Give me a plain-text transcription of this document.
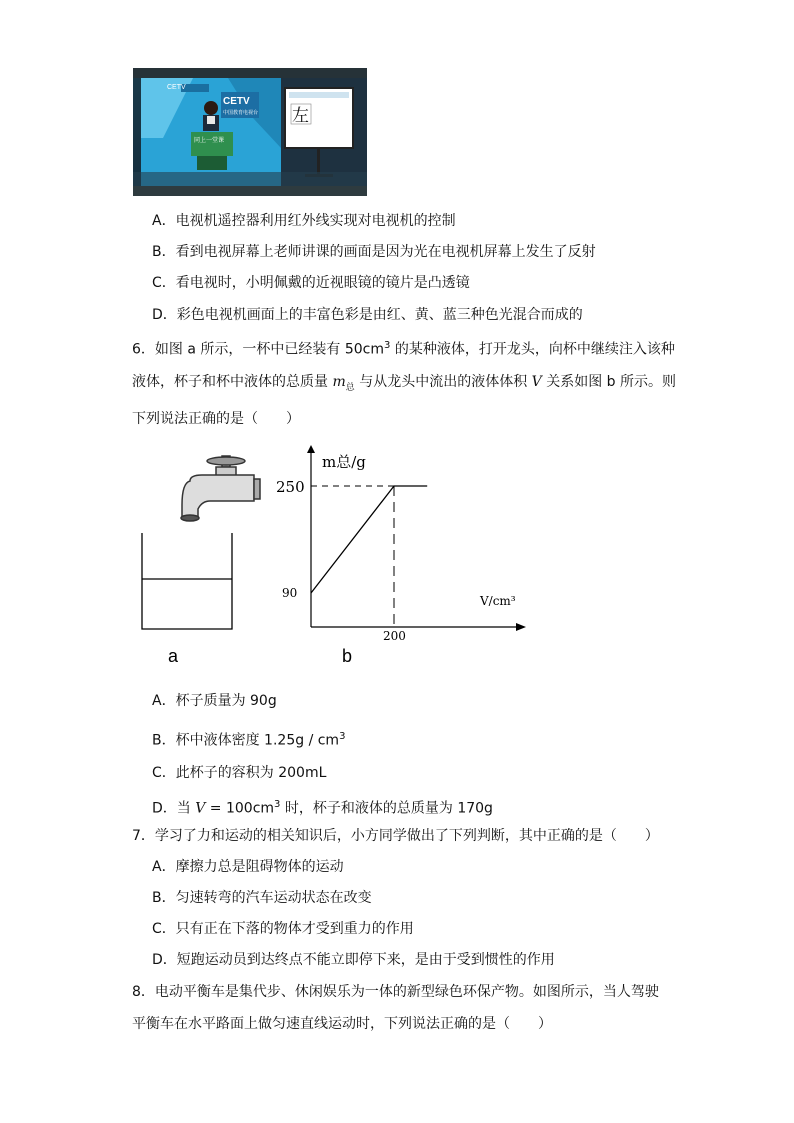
CETV
CETV
中国教育电视台
同上一堂课
左
A．电视机遥控器利用红外线实现对电视机的控制
B．看到电视屏幕上老师讲课的画面是因为光在电视机屏幕上发生了反射
C．看电视时，小明佩戴的近视眼镜的镜片是凸透镜
D．彩色电视机画面上的丰富色彩是由红、黄、蓝三种色光混合而成的
6．如图 a 所示，一杯中已经装有 $50cm^3$ 的某种液体，打开龙头，向杯中继续注入该种
液体，杯子和杯中液体的总质量 $m_总$ 与从龙头中流出的液体体积 V 关系如图 b 所示。则
下列说法正确的是（　　）
a
m总/g
V/cm³
250
90
200
b
A．杯子质量为 90g
B．杯中液体密度 $1.25g / cm^3$
C．此杯子的容积为 200mL
D．当 $V = 100cm^3$ 时，杯子和液体的总质量为 170g
7．学习了力和运动的相关知识后，小方同学做出了下列判断，其中正确的是（　　）
A．摩擦力总是阻碍物体的运动
B．匀速转弯的汽车运动状态在改变
C．只有正在下落的物体才受到重力的作用
D．短跑运动员到达终点不能立即停下来，是由于受到惯性的作用
8．电动平衡车是集代步、休闲娱乐为一体的新型绿色环保产物。如图所示，当人驾驶
平衡车在水平路面上做匀速直线运动时，下列说法正确的是（　　）
